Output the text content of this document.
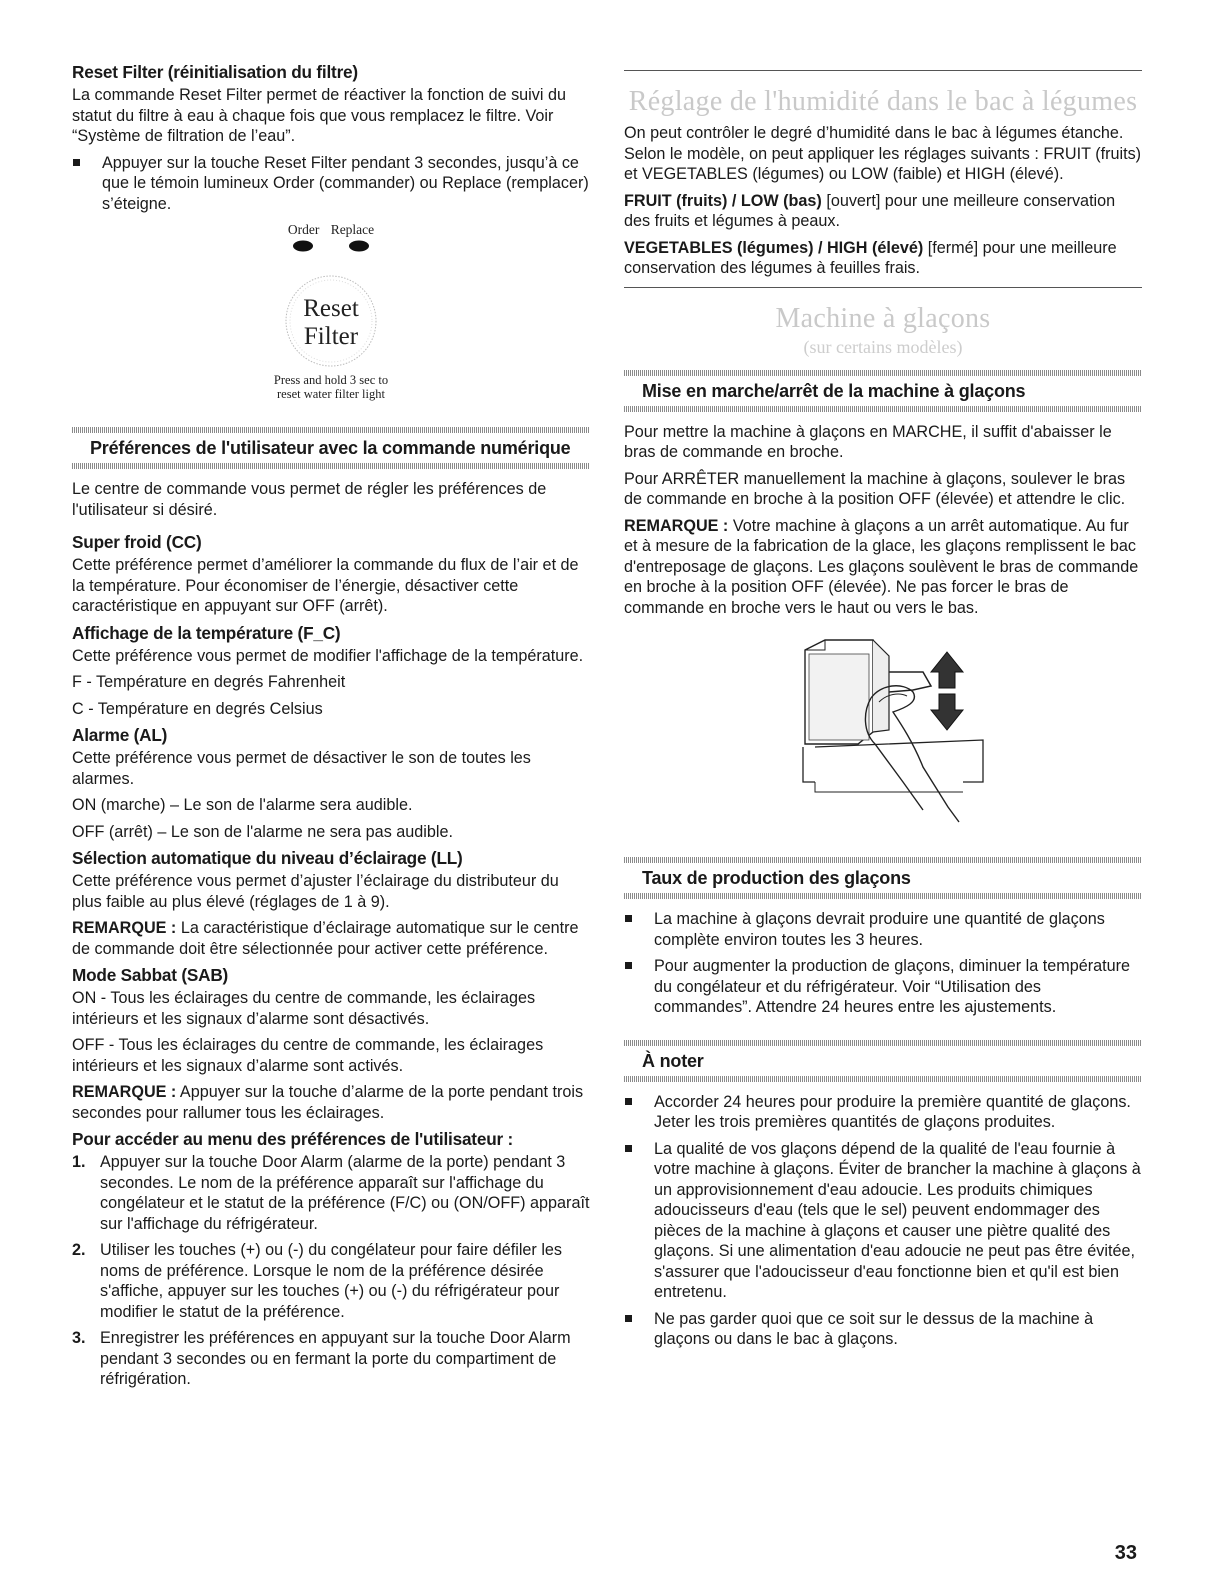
Reset Filter (réinitialisation du filtre)

La commande Reset Filter permet de réactiver la fonction de suivi du statut du filtre à eau à chaque fois que vous remplacez le filtre. Voir “Système de filtration de l’eau”.

Appuyer sur la touche Reset Filter pendant 3 secondes, jusqu’à ce que le témoin lumineux Order (commander) ou Replace (remplacer) s’éteigne.
Order Replace
Reset
Filter
Press and hold 3 sec to
reset water filter light
Préférences de l'utilisateur avec la commande numérique

Le centre de commande vous permet de régler les préférences de l'utilisateur si désiré.

Super froid (CC)

Cette préférence permet d’améliorer la commande du flux de l’air et de la température. Pour économiser de l’énergie, désactiver cette caractéristique en appuyant sur OFF (arrêt).

Affichage de la température (F_C)

Cette préférence vous permet de modifier l'affichage de la température.

F - Température en degrés Fahrenheit

C - Température en degrés Celsius

Alarme (AL)

Cette préférence vous permet de désactiver le son de toutes les alarmes.

ON (marche) – Le son de l'alarme sera audible.

OFF (arrêt) – Le son de l'alarme ne sera pas audible.

Sélection automatique du niveau d’éclairage (LL)

Cette préférence vous permet d’ajuster l’éclairage du distributeur du plus faible au plus élevé (réglages de 1 à 9).

REMARQUE : La caractéristique d’éclairage automatique sur le centre de commande doit être sélectionnée pour activer cette préférence.

Mode Sabbat (SAB)

ON - Tous les éclairages du centre de commande, les éclairages intérieurs et les signaux d’alarme sont désactivés.

OFF - Tous les éclairages du centre de commande, les éclairages intérieurs et les signaux d’alarme sont activés.

REMARQUE : Appuyer sur la touche d’alarme de la porte pendant trois secondes pour rallumer tous les éclairages.

Pour accéder au menu des préférences de l'utilisateur :
1. Appuyer sur la touche Door Alarm (alarme de la porte) pendant 3 secondes. Le nom de la préférence apparaît sur l'affichage du congélateur et le statut de la préférence (F/C) ou (ON/OFF) apparaît sur l'affichage du réfrigérateur.
2. Utiliser les touches (+) ou (-) du congélateur pour faire défiler les noms de préférence. Lorsque le nom de la préférence désirée s'affiche, appuyer sur les touches (+) ou (-) du réfrigérateur pour modifier le statut de la préférence.
3. Enregistrer les préférences en appuyant sur la touche Door Alarm pendant 3 secondes ou en fermant la porte du compartiment de réfrigération.
Réglage de l'humidité dans le bac à légumes

On peut contrôler le degré d’humidité dans le bac à légumes étanche. Selon le modèle, on peut appliquer les réglages suivants : FRUIT (fruits) et VEGETABLES (légumes) ou LOW (faible) et HIGH (élevé).

FRUIT (fruits) / LOW (bas) [ouvert] pour une meilleure conservation des fruits et légumes à peaux.

VEGETABLES (légumes) / HIGH (élevé) [fermé] pour une meilleure conservation des légumes à feuilles frais.

Machine à glaçons
(sur certains modèles)
Mise en marche/arrêt de la machine à glaçons

Pour mettre la machine à glaçons en MARCHE, il suffit d'abaisser le bras de commande en broche.

Pour ARRÊTER manuellement la machine à glaçons, soulever le bras de commande en broche à la position OFF (élevée) et attendre le clic.

REMARQUE : Votre machine à glaçons a un arrêt automatique. Au fur et à mesure de la fabrication de la glace, les glaçons remplissent le bac d'entreposage de glaçons. Les glaçons soulèvent le bras de commande en broche à la position OFF (élevée). Ne pas forcer le bras de commande en broche vers le haut ou vers le bas.

Taux de production des glaçons
La machine à glaçons devrait produire une quantité de glaçons complète environ toutes les 3 heures.
Pour augmenter la production de glaçons, diminuer la température du congélateur et du réfrigérateur. Voir “Utilisation des commandes”. Attendre 24 heures entre les ajustements.
À noter
Accorder 24 heures pour produire la première quantité de glaçons. Jeter les trois premières quantités de glaçons produites.
La qualité de vos glaçons dépend de la qualité de l'eau fournie à votre machine à glaçons. Éviter de brancher la machine à glaçons à un approvisionnement d'eau adoucie. Les produits chimiques adoucisseurs d'eau (tels que le sel) peuvent endommager des pièces de la machine à glaçons et causer une piètre qualité des glaçons. Si une alimentation d'eau adoucie ne peut pas être évitée, s'assurer que l'adoucisseur d'eau fonctionne bien et qu'il est bien entretenu.
Ne pas garder quoi que ce soit sur le dessus de la machine à glaçons ou dans le bac à glaçons.
33
